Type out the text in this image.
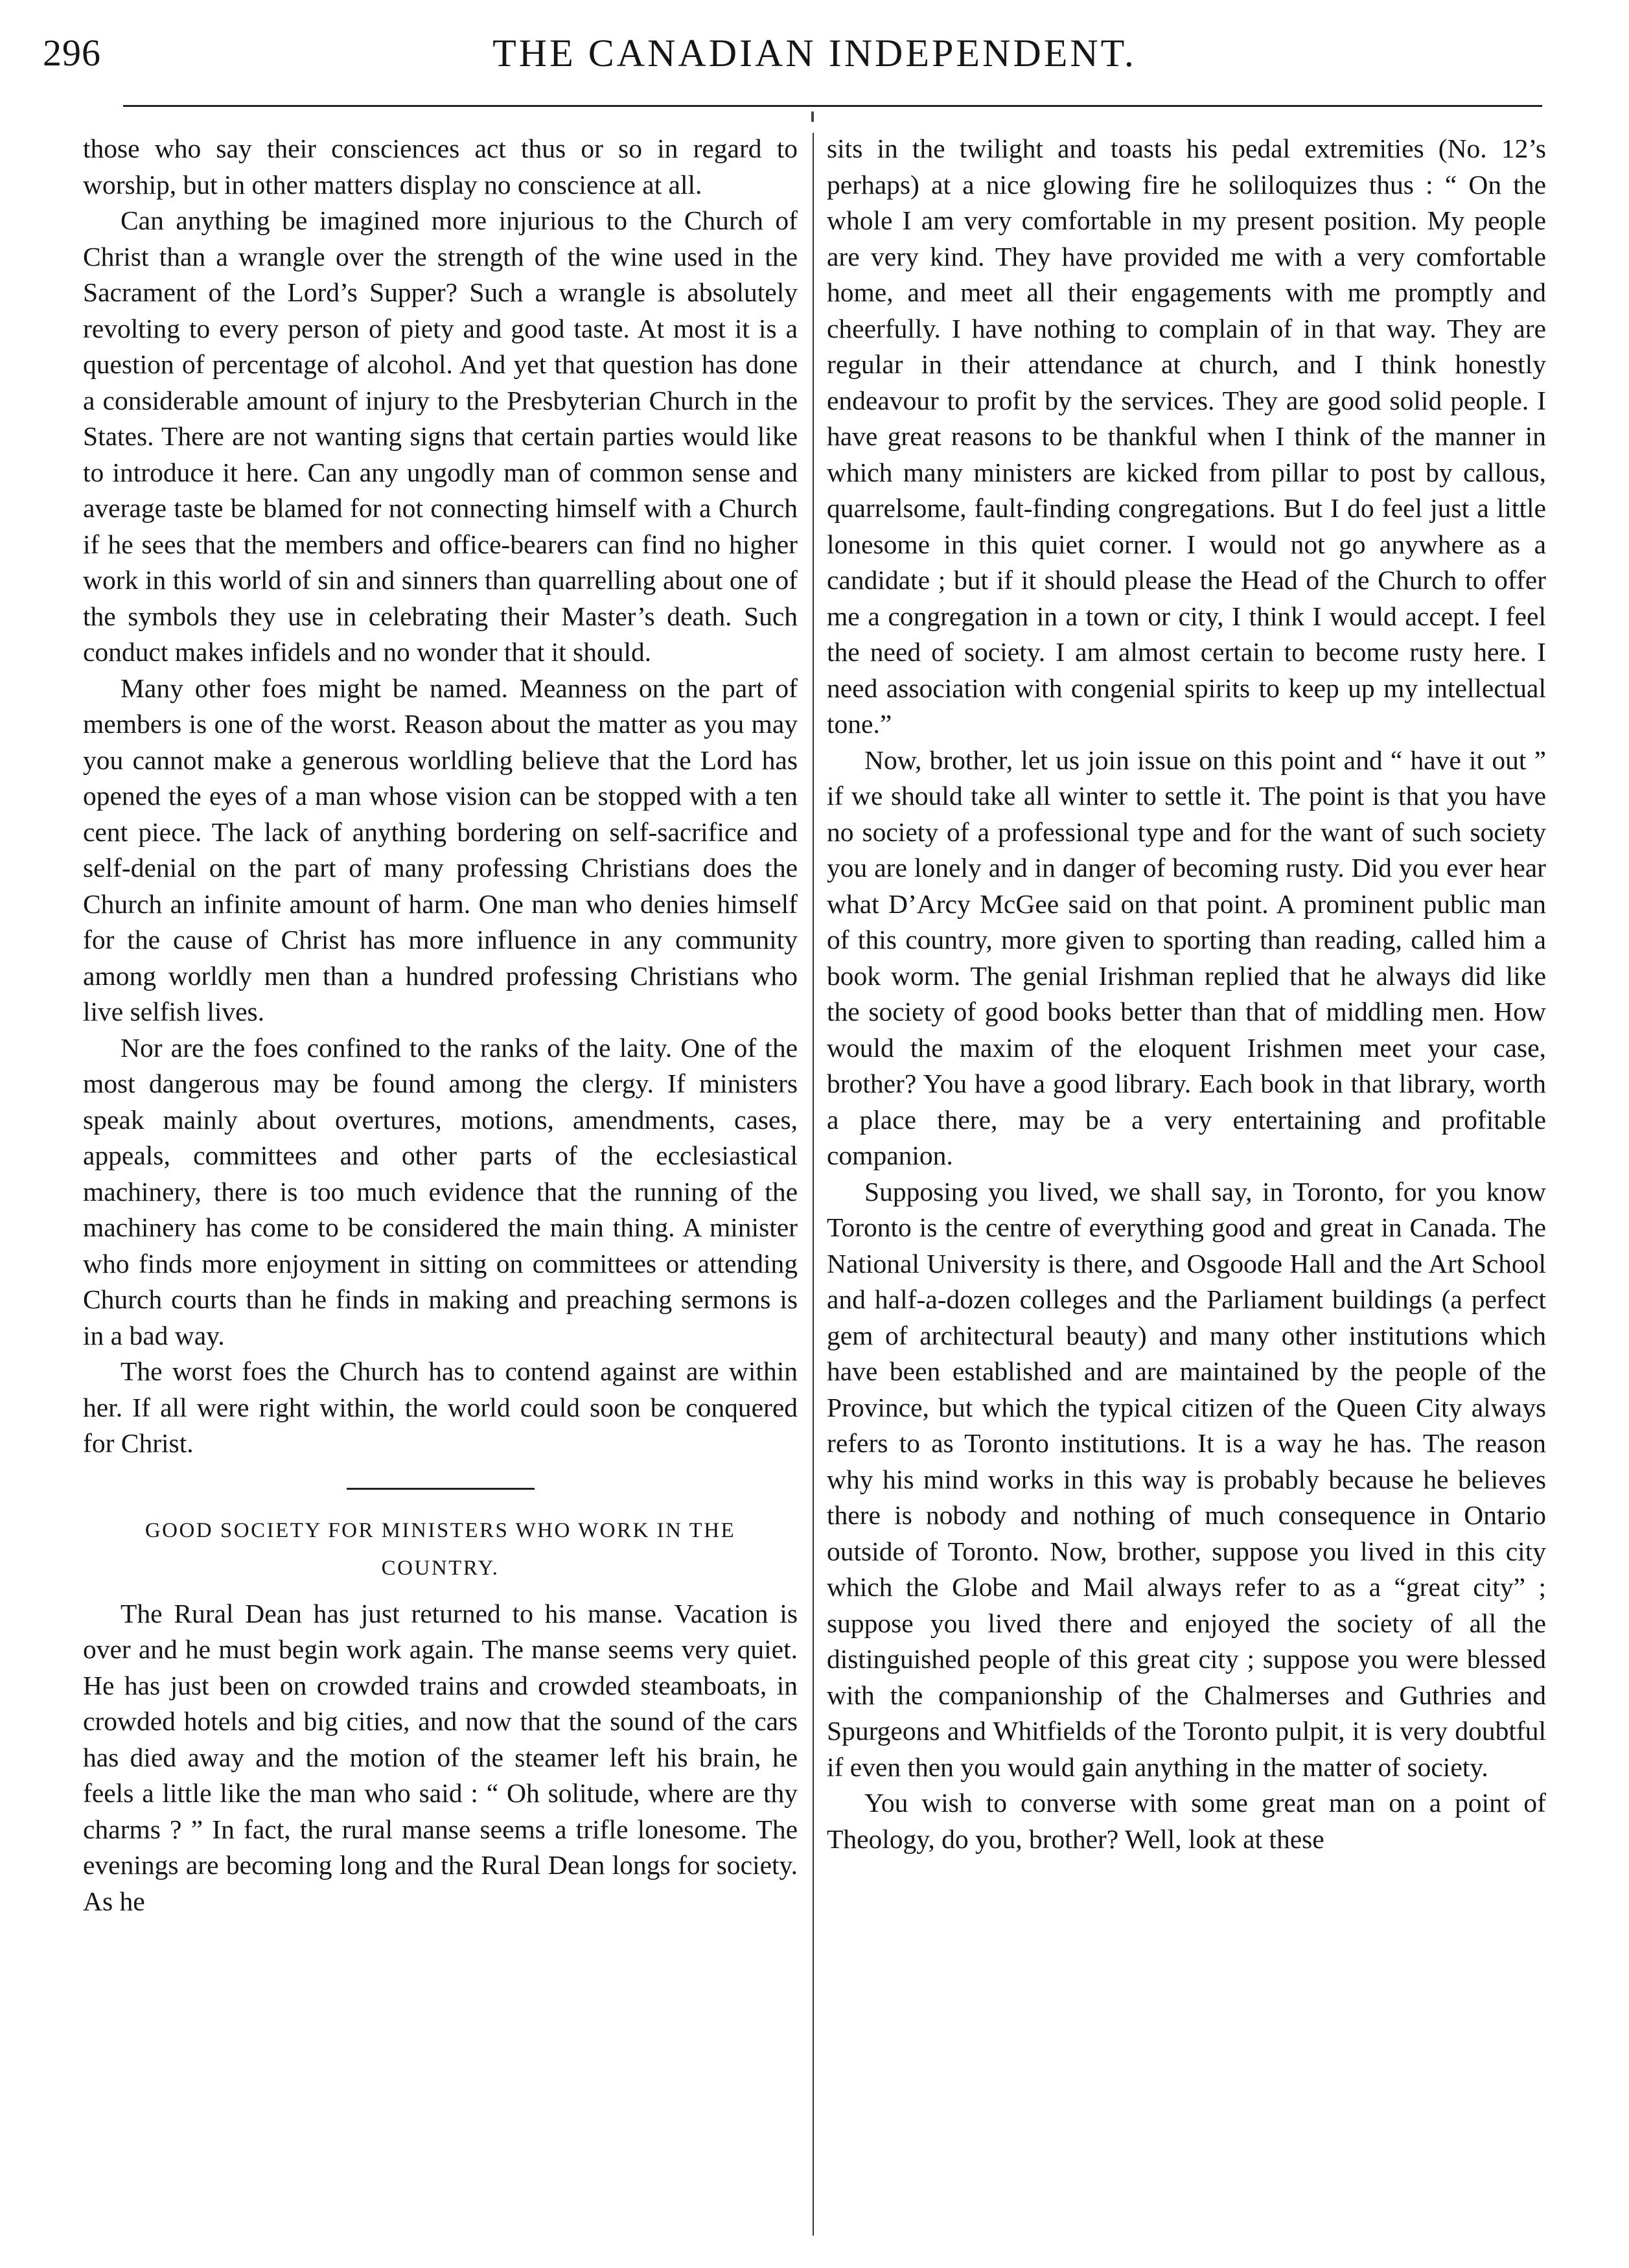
296	THE CANADIAN INDEPENDENT.

those who say their consciences act thus or so in regard to worship, but in other matters display no conscience at all.

Can anything be imagined more injurious to the Church of Christ than a wrangle over the strength of the wine used in the Sacrament of the Lord’s Supper? Such a wrangle is absolutely revolting to every person of piety and good taste. At most it is a question of percentage of alcohol. And yet that question has done a considerable amount of injury to the Presbyterian Church in the States. There are not wanting signs that certain parties would like to introduce it here. Can any ungodly man of common sense and average taste be blamed for not connecting himself with a Church if he sees that the members and office-bearers can find no higher work in this world of sin and sinners than quarrelling about one of the symbols they use in celebrating their Master’s death. Such conduct makes infidels and no wonder that it should.

Many other foes might be named. Meanness on the part of members is one of the worst. Reason about the matter as you may you cannot make a generous worldling believe that the Lord has opened the eyes of a man whose vision can be stopped with a ten cent piece. The lack of anything bordering on self-sacrifice and self-denial on the part of many professing Christians does the Church an infinite amount of harm. One man who denies himself for the cause of Christ has more influence in any community among worldly men than a hundred professing Christians who live selfish lives.

Nor are the foes confined to the ranks of the laity. One of the most dangerous may be found among the clergy. If ministers speak mainly about overtures, motions, amendments, cases, appeals, committees and other parts of the ecclesiastical machinery, there is too much evidence that the running of the machinery has come to be considered the main thing. A minister who finds more enjoyment in sitting on committees or attending Church courts than he finds in making and preaching sermons is in a bad way.

The worst foes the Church has to contend against are within her. If all were right within, the world could soon be conquered for Christ.

GOOD SOCIETY FOR MINISTERS WHO WORK IN THE COUNTRY.

The Rural Dean has just returned to his manse. Vacation is over and he must begin work again. The manse seems very quiet. He has just been on crowded trains and crowded steamboats, in crowded hotels and big cities, and now that the sound of the cars has died away and the motion of the steamer left his brain, he feels a little like the man who said : “ Oh solitude, where are thy charms ? ” In fact, the rural manse seems a trifle lonesome. The evenings are becoming long and the Rural Dean longs for society. As he

sits in the twilight and toasts his pedal extremities (No. 12’s perhaps) at a nice glowing fire he soliloquizes thus : “ On the whole I am very comfortable in my present position. My people are very kind. They have provided me with a very comfortable home, and meet all their engagements with me promptly and cheerfully. I have nothing to complain of in that way. They are regular in their attendance at church, and I think honestly endeavour to profit by the services. They are good solid people. I have great reasons to be thankful when I think of the manner in which many ministers are kicked from pillar to post by callous, quarrelsome, fault-finding congregations. But I do feel just a little lonesome in this quiet corner. I would not go anywhere as a candidate ; but if it should please the Head of the Church to offer me a congregation in a town or city, I think I would accept. I feel the need of society. I am almost certain to become rusty here. I need association with congenial spirits to keep up my intellectual tone.”

Now, brother, let us join issue on this point and “ have it out ” if we should take all winter to settle it. The point is that you have no society of a professional type and for the want of such society you are lonely and in danger of becoming rusty. Did you ever hear what D’Arcy McGee said on that point. A prominent public man of this country, more given to sporting than reading, called him a book worm. The genial Irishman replied that he always did like the society of good books better than that of middling men. How would the maxim of the eloquent Irishmen meet your case, brother? You have a good library. Each book in that library, worth a place there, may be a very entertaining and profitable companion.

Supposing you lived, we shall say, in Toronto, for you know Toronto is the centre of everything good and great in Canada. The National University is there, and Osgoode Hall and the Art School and half-a-dozen colleges and the Parliament buildings (a perfect gem of architectural beauty) and many other institutions which have been established and are maintained by the people of the Province, but which the typical citizen of the Queen City always refers to as Toronto institutions. It is a way he has. The reason why his mind works in this way is probably because he believes there is nobody and nothing of much consequence in Ontario outside of Toronto. Now, brother, suppose you lived in this city which the Globe and Mail always refer to as a “great city” ; suppose you lived there and enjoyed the society of all the distinguished people of this great city ; suppose you were blessed with the companionship of the Chalmerses and Guthries and Spurgeons and Whitfields of the Toronto pulpit, it is very doubtful if even then you would gain anything in the matter of society.

You wish to converse with some great man on a point of Theology, do you, brother? Well, look at these
